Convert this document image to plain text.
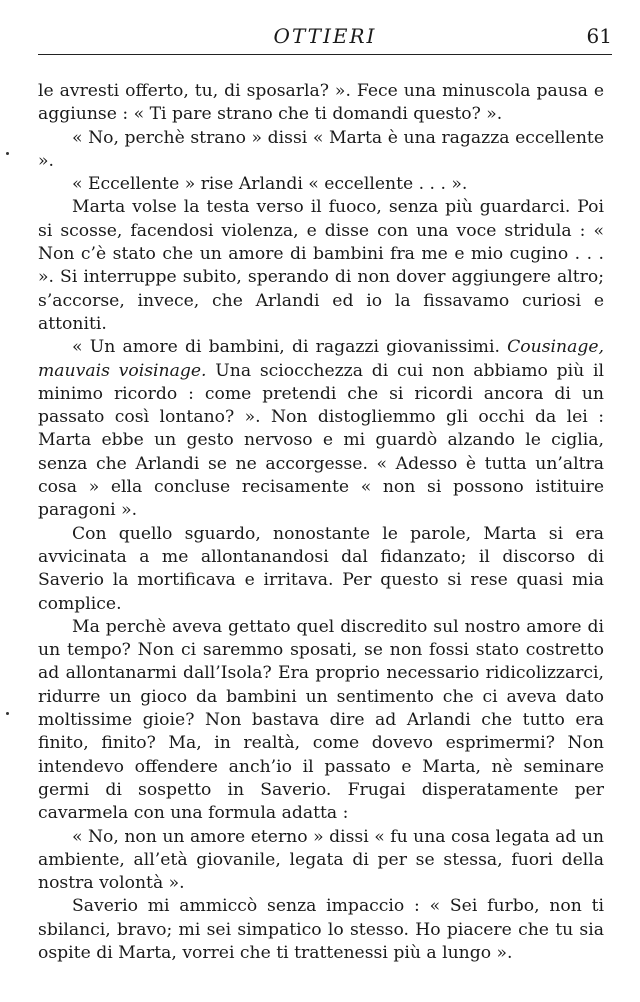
OTTIERI	61

le avresti offerto, tu, di sposarla? ». Fece una minuscola pausa e aggiunse : « Ti pare strano che ti domandi questo? ».

« No, perchè strano » dissi « Marta è una ragazza eccellente ».

« Eccellente » rise Arlandi « eccellente . . . ».

Marta volse la testa verso il fuoco, senza più guardarci. Poi si scosse, facendosi violenza, e disse con una voce stridula : « Non c’è stato che un amore di bambini fra me e mio cugino . . . ». Si interruppe subito, sperando di non dover aggiungere altro; s’accorse, invece, che Arlandi ed io la fissavamo curiosi e attoniti.

« Un amore di bambini, di ragazzi giovanissimi. Cousinage, mauvais voisinage. Una sciocchezza di cui non abbiamo più il minimo ricordo : come pretendi che si ricordi ancora di un passato così lontano? ». Non distogliemmo gli occhi da lei : Marta ebbe un gesto nervoso e mi guardò alzando le ciglia, senza che Arlandi se ne accorgesse. « Adesso è tutta un’altra cosa » ella concluse recisamente « non si possono istituire paragoni ».

Con quello sguardo, nonostante le parole, Marta si era avvicinata a me allontanandosi dal fidanzato; il discorso di Saverio la mortificava e irritava. Per questo si rese quasi mia complice.

Ma perchè aveva gettato quel discredito sul nostro amore di un tempo? Non ci saremmo sposati, se non fossi stato costretto ad allontanarmi dall’Isola? Era proprio necessario ridicolizzarci, ridurre un gioco da bambini un sentimento che ci aveva dato moltissime gioie? Non bastava dire ad Arlandi che tutto era finito, finito? Ma, in realtà, come dovevo esprimermi? Non intendevo offendere anch’io il passato e Marta, nè seminare germi di sospetto in Saverio. Frugai disperatamente per cavarmela con una formula adatta :

« No, non un amore eterno » dissi « fu una cosa legata ad un ambiente, all’età giovanile, legata di per se stessa, fuori della nostra volontà ».

Saverio mi ammiccò senza impaccio : « Sei furbo, non ti sbilanci, bravo; mi sei simpatico lo stesso. Ho piacere che tu sia ospite di Marta, vorrei che ti trattenessi più a lungo ».
